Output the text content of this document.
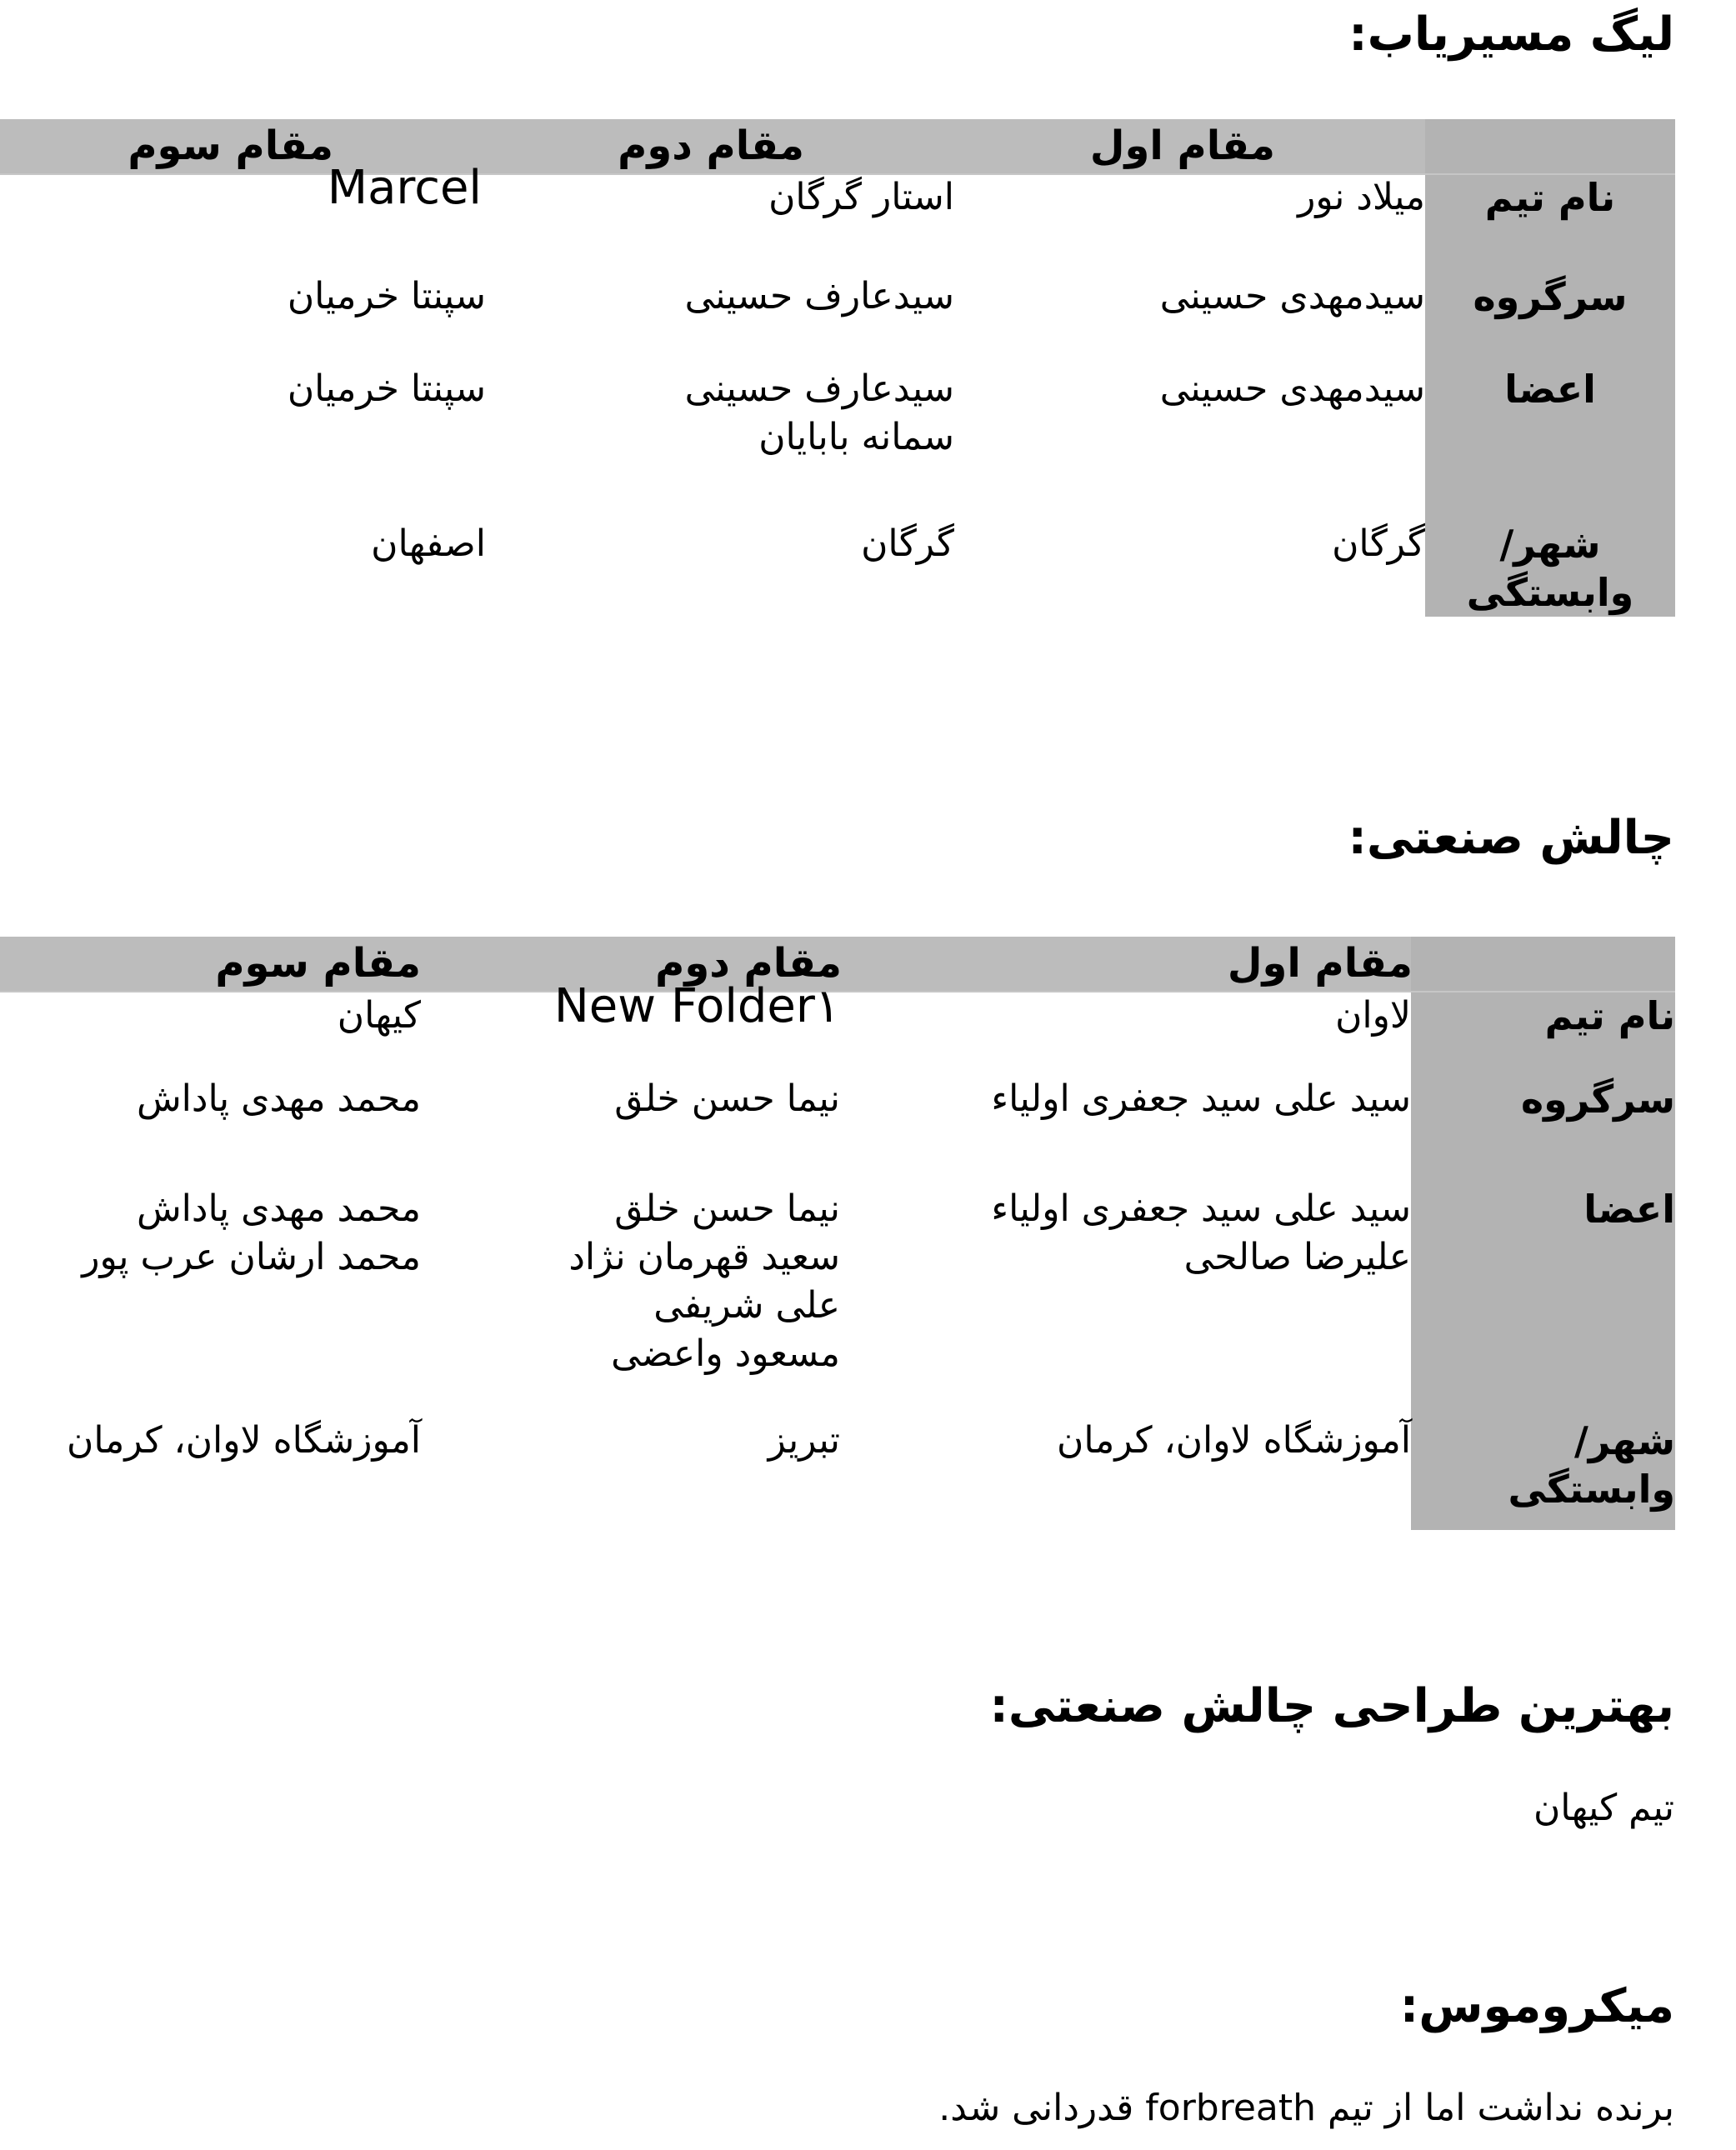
لیگ مسیریاب:
مقام اول
مقام دوم
مقام سوم
نام تیم
سرگروه
اعضا
شهر/وابستگی
میلاد نور
سیدمهدی حسینی
سیدمهدی حسینی
گرگان
استار گرگان
سیدعارف حسینی
سیدعارف حسینی
سمانه بابایان
گرگان
Marcel
سپنتا خرمیان
سپنتا خرمیان
اصفهان
چالش صنعتی:
مقام اول
مقام دوم
مقام سوم
نام تیم
سرگروه
اعضا
شهر/وابستگی
لاوان
سید علی سید جعفری اولیاء
سید علی سید جعفری اولیاء
علیرضا صالحی
آموزشگاه لاوان، کرمان
New Folder۱
نیما حسن خلق
نیما حسن خلق
سعید قهرمان نژاد
علی شریفی
مسعود واعضی
تبریز
کیهان
محمد مهدی پاداش
محمد مهدی پاداش
محمد ارشان عرب پور
آموزشگاه لاوان، کرمان
بهترین طراحی چالش صنعتی:

تیم کیهان

میکروموس:

برنده نداشت اما از تیم forbreath قدردانی شد.
